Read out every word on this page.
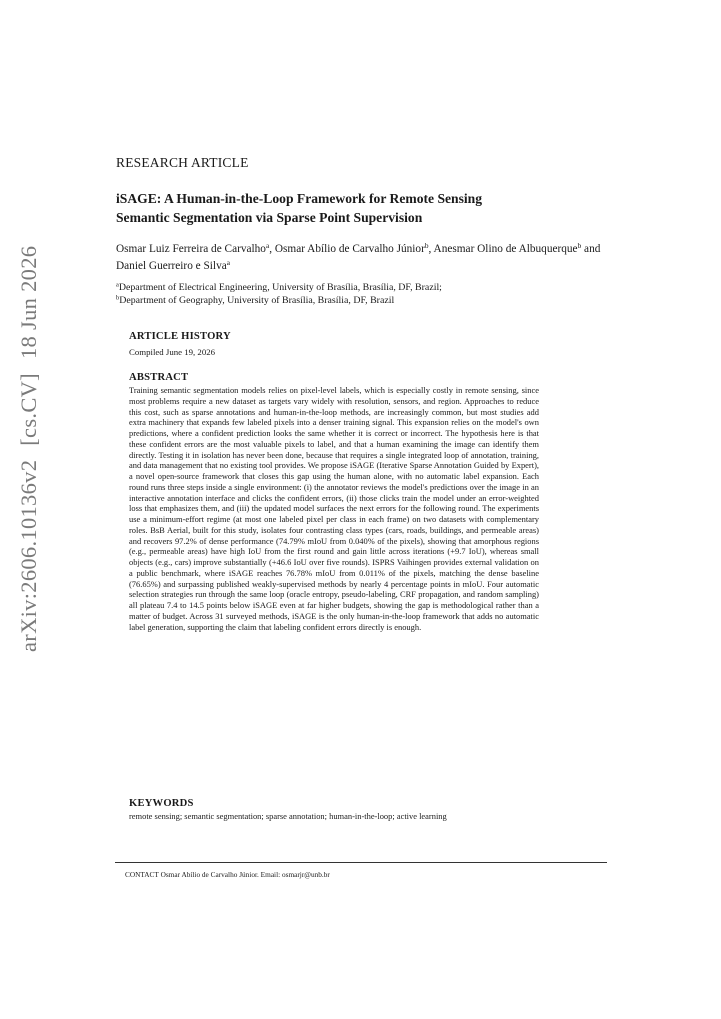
arXiv:2606.10136v2[cs.CV]18 Jun 2026
RESEARCH ARTICLE
iSAGE: A Human-in-the-Loop Framework for Remote Sensing
Semantic Segmentation via Sparse Point Supervision
Osmar Luiz Ferreira de Carvalho$^a$, Osmar Abílio de Carvalho Júnior$^b$, Anesmar Olino de Albuquerque$^b$ and Daniel Guerreiro e Silva$^a$
$^a$Department of Electrical Engineering, University of Brasília, Brasília, DF, Brazil;
$^b$Department of Geography, University of Brasília, Brasília, DF, Brazil
ARTICLE HISTORY
Compiled June 19, 2026
ABSTRACT
Training semantic segmentation models relies on pixel-level labels, which is especially costly in remote sensing, since most problems require a new dataset as targets vary widely with resolution, sensors, and region. Approaches to reduce this cost, such as sparse annotations and human-in-the-loop methods, are increasingly common, but most studies add extra machinery that expands few labeled pixels into a denser training signal. This expansion relies on the model's own predictions, where a confident prediction looks the same whether it is correct or incorrect. The hypothesis here is that these confident errors are the most valuable pixels to label, and that a human examining the image can identify them directly. Testing it in isolation has never been done, because that requires a single integrated loop of annotation, training, and data management that no existing tool provides. We propose iSAGE (Iterative Sparse Annotation Guided by Expert), a novel open-source framework that closes this gap using the human alone, with no automatic label expansion. Each round runs three steps inside a single environment: (i) the annotator reviews the model's predictions over the image in an interactive annotation interface and clicks the confident errors, (ii) those clicks train the model under an error-weighted loss that emphasizes them, and (iii) the updated model surfaces the next errors for the following round. The experiments use a minimum-effort regime (at most one labeled pixel per class in each frame) on two datasets with complementary roles. BsB Aerial, built for this study, isolates four contrasting class types (cars, roads, buildings, and permeable areas) and recovers 97.2% of dense performance (74.79% mIoU from 0.040% of the pixels), showing that amorphous regions (e.g., permeable areas) have high IoU from the first round and gain little across iterations (+9.7 IoU), whereas small objects (e.g., cars) improve substantially (+46.6 IoU over five rounds). ISPRS Vaihingen provides external validation on a public benchmark, where iSAGE reaches 76.78% mIoU from 0.011% of the pixels, matching the dense baseline (76.65%) and surpassing published weakly-supervised methods by nearly 4 percentage points in mIoU. Four automatic selection strategies run through the same loop (oracle entropy, pseudo-labeling, CRF propagation, and random sampling) all plateau 7.4 to 14.5 points below iSAGE even at far higher budgets, showing the gap is methodological rather than a matter of budget. Across 31 surveyed methods, iSAGE is the only human-in-the-loop framework that adds no automatic label generation, supporting the claim that labeling confident errors directly is enough.
KEYWORDS
remote sensing; semantic segmentation; sparse annotation; human-in-the-loop; active learning
CONTACT Osmar Abílio de Carvalho Júnior. Email: osmarjr@unb.br
